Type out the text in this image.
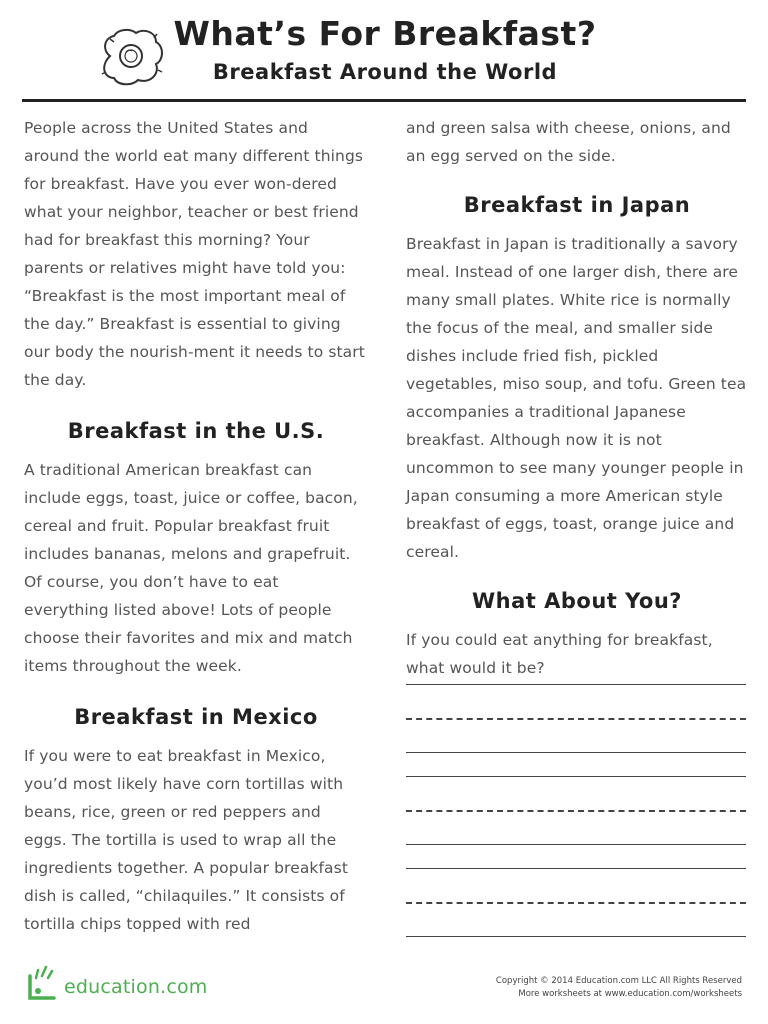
What’s For Breakfast?
Breakfast Around the World

People across the United States and around the world eat many different things for breakfast. Have you ever won-dered what your neighbor, teacher or best friend had for breakfast this morning? Your parents or relatives might have told you: “Breakfast is the most important meal of the day.” Breakfast is essential to giving our body the nourish-ment it needs to start the day.

Breakfast in the U.S.

A traditional American breakfast can include eggs, toast, juice or coffee, bacon, cereal and fruit. Popular breakfast fruit includes bananas, melons and grapefruit. Of course, you don’t have to eat everything listed above! Lots of people choose their favorites and mix and match items throughout the week.

Breakfast in Mexico

If you were to eat breakfast in Mexico, you’d most likely have corn tortillas with beans, rice, green or red peppers and eggs. The tortilla is used to wrap all the ingredients together. A popular breakfast dish is called, “chilaquiles.” It consists of tortilla chips topped with red

and green salsa with cheese, onions, and an egg served on the side.

Breakfast in Japan

Breakfast in Japan is traditionally a savory meal. Instead of one larger dish, there are many small plates. White rice is normally the focus of the meal, and smaller side dishes include fried fish, pickled vegetables, miso soup, and tofu. Green tea accompanies a traditional Japanese breakfast. Although now it is not uncommon to see many younger people in Japan consuming a more American style breakfast of eggs, toast, orange juice and cereal.

What About You?

If you could eat anything for breakfast, what would it be?

education.com	Copyright © 2014 Education.com LLC All Rights Reserved
More worksheets at www.education.com/worksheets
